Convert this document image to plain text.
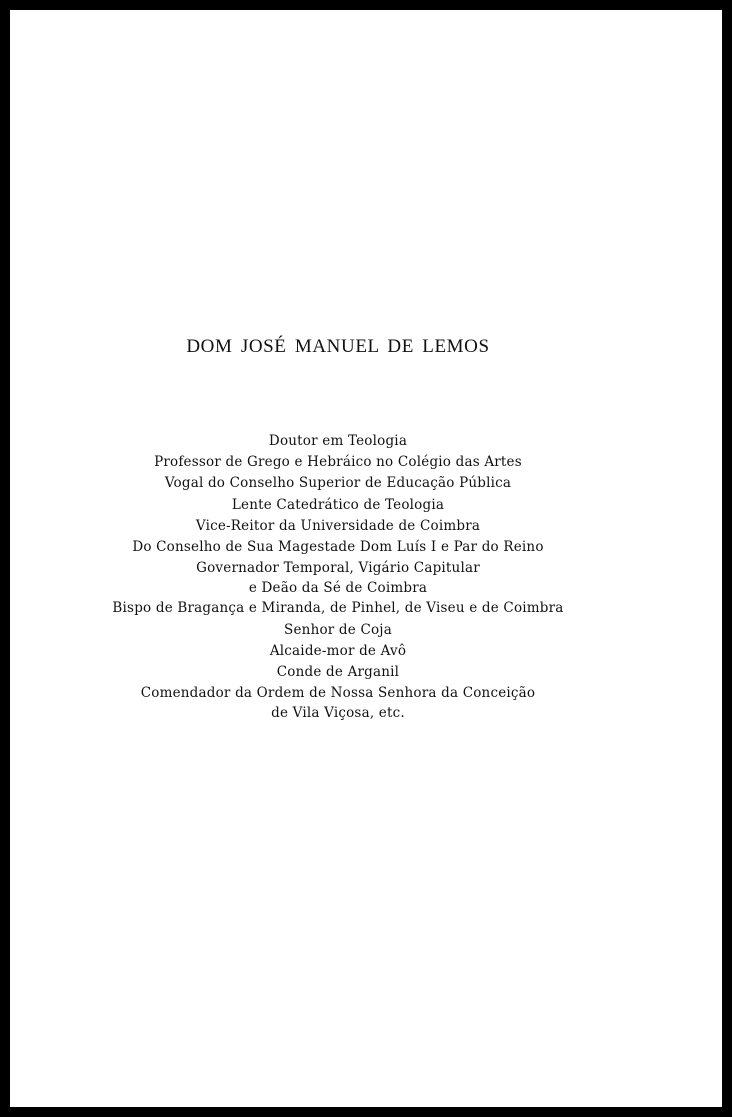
DOM JOSÉ MANUEL DE LEMOS
Doutor em Teologia
Professor de Grego e Hebráico no Colégio das Artes
Vogal do Conselho Superior de Educação Pública
Lente Catedrático de Teologia
Vice-Reitor da Universidade de Coimbra
Do Conselho de Sua Magestade Dom Luís I e Par do Reino
Governador Temporal, Vigário Capitular
e Deão da Sé de Coimbra
Bispo de Bragança e Miranda, de Pinhel, de Viseu e de Coimbra
Senhor de Coja
Alcaide-mor de Avô
Conde de Arganil
Comendador da Ordem de Nossa Senhora da Conceição
de Vila Viçosa, etc.
